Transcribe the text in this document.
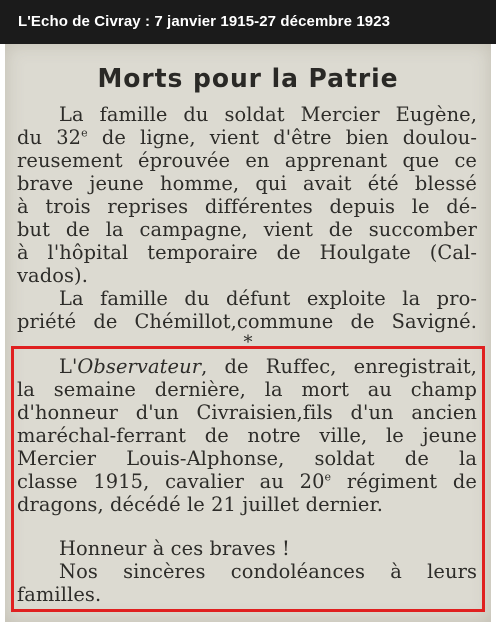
L'Echo de Civray : 7 janvier 1915-27 décembre 1923
Morts pour la Patrie
La famille du soldat Mercier Eugène,
du 32e de ligne, vient d'être bien doulou-
reusement éprouvée en apprenant que ce
brave jeune homme, qui avait été blessé
à trois reprises différentes depuis le dé-
but de la campagne, vient de succomber
à l'hôpital temporaire de Houlgate (Cal-
vados).
La famille du défunt exploite la pro-
priété de Chémillot,commune de Savigné.
*
L'Observateur, de Ruffec, enregistrait,
la semaine dernière, la mort au champ
d'honneur d'un Civraisien,fils d'un ancien
maréchal-ferrant de notre ville, le jeune
Mercier Louis-Alphonse, soldat de la
classe 1915, cavalier au 20e régiment de
dragons, décédé le 21 juillet dernier.
Honneur à ces braves !
Nos sincères condoléances à leurs
familles.
